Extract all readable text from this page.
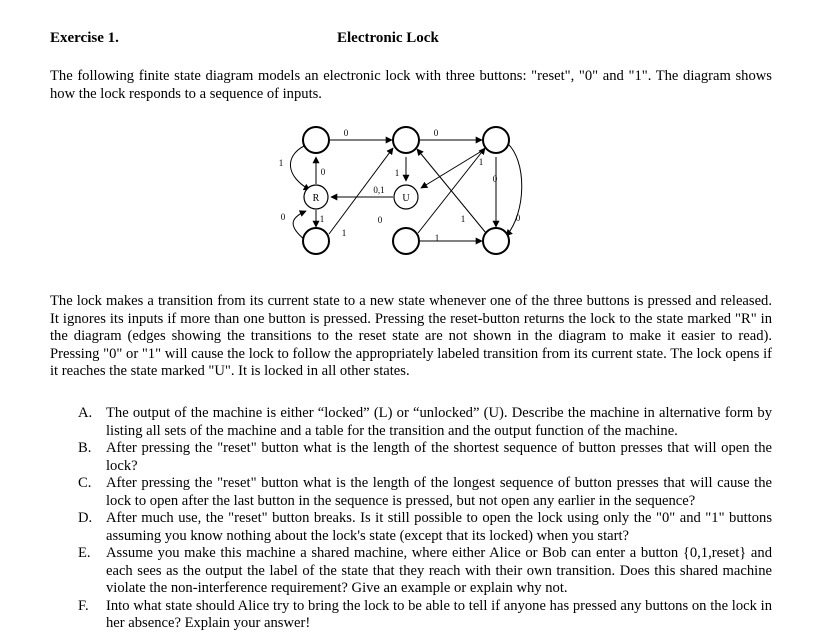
Exercise 1.	Electronic Lock
The following finite state diagram models an electronic lock with three buttons: "reset", "0" and "1". The diagram shows how the lock responds to a sequence of inputs.
R	U
0	0
1
0
1
1
0
0,1
1
0
0
1	1
1	0
The lock makes a transition from its current state to a new state whenever one of the three buttons is pressed and released. It ignores its inputs if more than one button is pressed. Pressing the reset-button returns the lock to the state marked "R" in the diagram (edges showing the transitions to the reset state are not shown in the diagram to make it easier to read). Pressing "0" or "1" will cause the lock to follow the appropriately labeled transition from its current state. The lock opens if it reaches the state marked "U". It is locked in all other states.
A. The output of the machine is either “locked” (L) or “unlocked” (U). Describe the machine in alternative form by listing all sets of the machine and a table for the transition and the output function of the machine.
B.	After pressing the "reset" button what is the length of the shortest sequence of button presses that will open the lock?
C.	After pressing the "reset" button what is the length of the longest sequence of button presses that will cause the lock to open after the last button in the sequence is pressed, but not open any earlier in the sequence?
D. After much use, the "reset" button breaks. Is it still possible to open the lock using only the "0" and "1" buttons assuming you know nothing about the lock's state (except that its locked) when you start?
E.	Assume you make this machine a shared machine, where either Alice or Bob can enter a button {0,1,reset} and each sees as the output the label of the state that they reach with their own transition. Does this shared machine violate the non-interference requirement? Give an example or explain why not.
F.	Into what state should Alice try to bring the lock to be able to tell if anyone has pressed any buttons on the lock in her absence? Explain your answer!
